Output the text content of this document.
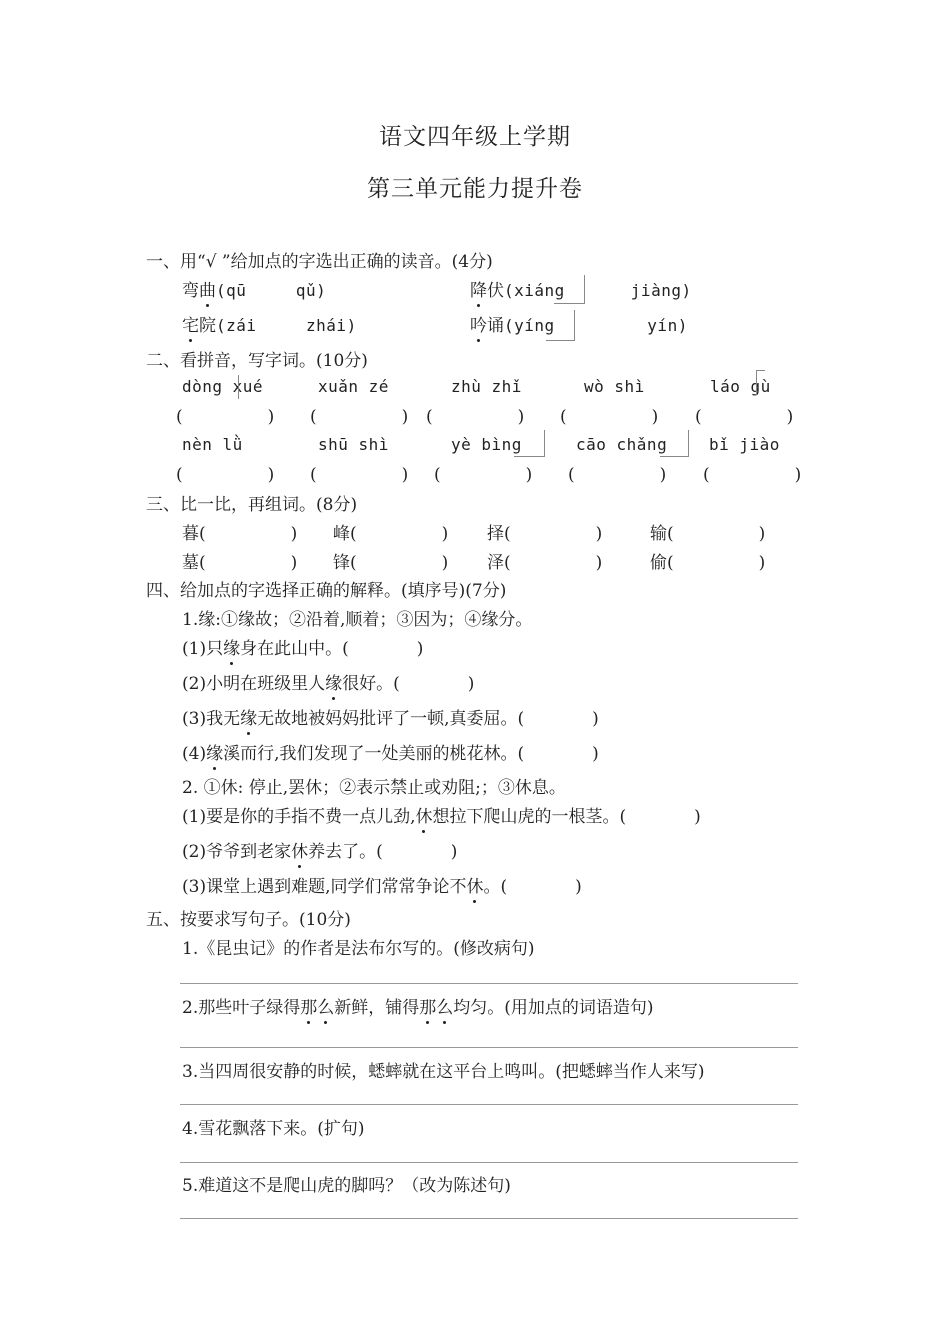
语文四年级上学期
第三单元能力提升卷
一、用“√ ”给加点的字选出正确的读音。(4分)
弯曲(qū　　　qǔ)	降伏(xiáng　　　　jiàng)
宅院(zái　　　zhái)	吟诵(yíng　　　　　 yín)
二、看拼音，写字词。(10分)
dòng xué	xuǎn zé	zhù zhǐ	wò shì	láo gù
(　　　　　) (　　　　　) (　　　　　) (　　　　　) (　　　　　)
nèn lǜ	shū shì	yè bìng	cāo chǎng	bǐ jiào
(　　　　　) (　　　　　) (　　　　　) (　　　　　) (　　　　　)
三、比一比，再组词。(8分)
暮(　　　　　) 峰(　　　　　) 择(　　　　　)	输(　　　　　)
墓(　　　　　) 锋(　　　　　) 泽(　　　　　)	偷(　　　　　)
四、给加点的字选择正确的解释。(填序号)(7分)
1.缘:①缘故；②沿着,顺着；③因为；④缘分。
(1)只缘身在此山中。(　　　　)
(2)小明在班级里人缘很好。(　　　　)
(3)我无缘无故地被妈妈批评了一顿,真委屈。(　　　　)
(4)缘溪而行,我们发现了一处美丽的桃花林。(　　　　)
2. ①休: 停止,罢休；②表示禁止或劝阻;；③休息。
(1)要是你的手指不费一点儿劲,休想拉下爬山虎的一根茎。(　　　　)
(2)爷爷到老家休养去了。(　　　　)
(3)课堂上遇到难题,同学们常常争论不休。(　　　　)
五、按要求写句子。(10分)
1.《昆虫记》的作者是法布尔写的。(修改病句)
2.那些叶子绿得那么新鲜，铺得那么均匀。(用加点的词语造句)
3.当四周很安静的时候，蟋蟀就在这平台上鸣叫。(把蟋蟀当作人来写)
4.雪花飘落下来。(扩句)
5.难道这不是爬山虎的脚吗？（改为陈述句)
